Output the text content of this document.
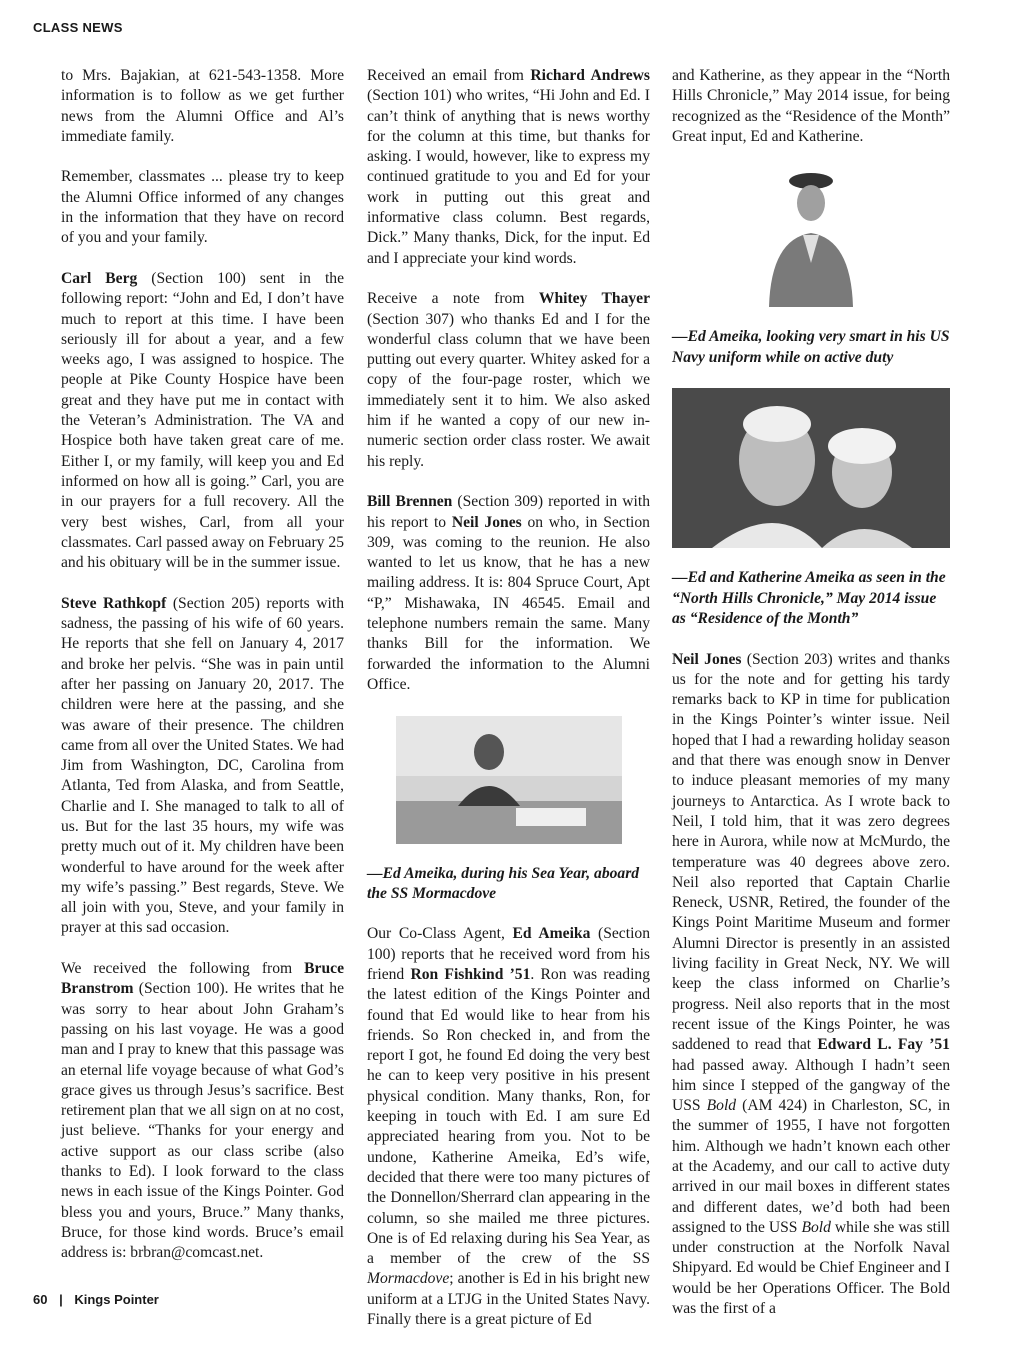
CLASS NEWS

to Mrs. Bajakian, at 621-543-1358. More information is to follow as we get further news from the Alumni Office and Al’s immediate family.

Remember, classmates ... please try to keep the Alumni Office informed of any changes in the information that they have on record of you and your family.

Carl Berg (Section 100) sent in the following report: “John and Ed, I don’t have much to report at this time. I have been seriously ill for about a year, and a few weeks ago, I was assigned to hospice. The people at Pike County Hospice have been great and they have put me in contact with the Veteran’s Administration. The VA and Hospice both have taken great care of me. Either I, or my family, will keep you and Ed informed on how all is going.” Carl, you are in our prayers for a full recovery. All the very best wishes, Carl, from all your classmates. Carl passed away on February 25 and his obituary will be in the summer issue.

Steve Rathkopf (Section 205) reports with sadness, the passing of his wife of 60 years. He reports that she fell on January 4, 2017 and broke her pelvis. “She was in pain until after her passing on January 20, 2017. The children were here at the passing, and she was aware of their presence. The children came from all over the United States. We had Jim from Washington, DC, Carolina from Atlanta, Ted from Alaska, and from Seattle, Charlie and I. She managed to talk to all of us. But for the last 35 hours, my wife was pretty much out of it. My children have been wonderful to have around for the week after my wife’s passing.” Best regards, Steve. We all join with you, Steve, and your family in prayer at this sad occasion.

We received the following from Bruce Branstrom (Section 100). He writes that he was sorry to hear about John Graham’s passing on his last voyage. He was a good man and I pray to knew that this passage was an eternal life voyage because of what God’s grace gives us through Jesus’s sacrifice. Best retirement plan that we all sign on at no cost, just believe. “Thanks for your energy and active support as our class scribe (also thanks to Ed). I look forward to the class news in each issue of the Kings Pointer. God bless you and yours, Bruce.” Many thanks, Bruce, for those kind words. Bruce’s email address is: brbran@comcast.net.

Received an email from Richard Andrews (Section 101) who writes, “Hi John and Ed. I can’t think of anything that is news worthy for the column at this time, but thanks for asking. I would, however, like to express my continued gratitude to you and Ed for your work in putting out this great and informative class column. Best regards, Dick.” Many thanks, Dick, for the input. Ed and I appreciate your kind words.

Receive a note from Whitey Thayer (Section 307) who thanks Ed and I for the wonderful class column that we have been putting out every quarter. Whitey asked for a copy of the four-page roster, which we immediately sent it to him. We also asked him if he wanted a copy of our new in-numeric section order class roster. We await his reply.

Bill Brennen (Section 309) reported in with his report to Neil Jones on who, in Section 309, was coming to the reunion. He also wanted to let us know, that he has a new mailing address. It is: 804 Spruce Court, Apt “P,” Mishawaka, IN 46545. Email and telephone numbers remain the same. Many thanks Bill for the information. We forwarded the information to the Alumni Office.

—Ed Ameika, during his Sea Year, aboard the SS Mormacdove

Our Co-Class Agent, Ed Ameika (Section 100) reports that he received word from his friend Ron Fishkind ’51. Ron was reading the latest edition of the Kings Pointer and found that Ed would like to hear from his friends. So Ron checked in, and from the report I got, he found Ed doing the very best he can to keep very positive in his present physical condition. Many thanks, Ron, for keeping in touch with Ed. I am sure Ed appreciated hearing from you. Not to be undone, Katherine Ameika, Ed’s wife, decided that there were too many pictures of the Donnellon/Sherrard clan appearing in the column, so she mailed me three pictures. One is of Ed relaxing during his Sea Year, as a member of the crew of the SS Mormacdove; another is Ed in his bright new uniform at a LTJG in the United States Navy. Finally there is a great picture of Ed

and Katherine, as they appear in the “North Hills Chronicle,” May 2014 issue, for being recognized as the “Residence of the Month” Great input, Ed and Katherine.

—Ed Ameika, looking very smart in his US Navy uniform while on active duty

—Ed and Katherine Ameika as seen in the “North Hills Chronicle,” May 2014 issue as “Residence of the Month”

Neil Jones (Section 203) writes and thanks us for the note and for getting his tardy remarks back to KP in time for publication in the Kings Pointer’s winter issue. Neil hoped that I had a rewarding holiday season and that there was enough snow in Denver to induce pleasant memories of my many journeys to Antarctica. As I wrote back to Neil, I told him, that it was zero degrees here in Aurora, while now at McMurdo, the temperature was 40 degrees above zero. Neil also reported that Captain Charlie Reneck, USNR, Retired, the founder of the Kings Point Maritime Museum and former Alumni Director is presently in an assisted living facility in Great Neck, NY. We will keep the class informed on Charlie’s progress. Neil also reports that in the most recent issue of the Kings Pointer, he was saddened to read that Edward L. Fay ’51 had passed away. Although I hadn’t seen him since I stepped of the gangway of the USS Bold (AM 424) in Charleston, SC, in the summer of 1955, I have not forgotten him. Although we hadn’t known each other at the Academy, and our call to active duty arrived in our mail boxes in different states and different dates, we’d both had been assigned to the USS Bold while she was still under construction at the Norfolk Naval Shipyard. Ed would be Chief Engineer and I would be her Operations Officer. The Bold was the first of a

60 | Kings Pointer
